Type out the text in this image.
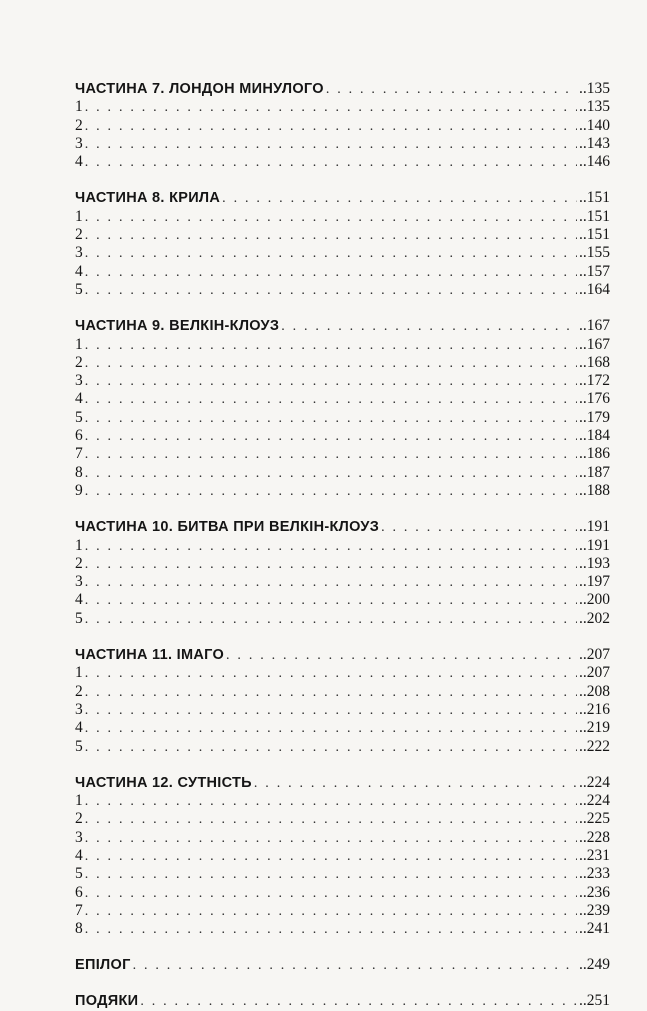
ЧАСТИНА 7. ЛОНДОН МИНУЛОГО . . .	..135
1 . . .	..135
2 . . .	..140
3 . . .	..143
4 . . .	..146
ЧАСТИНА 8. КРИЛА . . .	..151
1 . . .	..151
2 . . .	..151
3 . . .	..155
4 . . .	..157
5 . . .	..164
ЧАСТИНА 9. ВЕЛКІН-КЛОУЗ . . .	..167
1 . . .	..167
2 . . .	..168
3 . . .	..172
4 . . .	..176
5 . . .	..179
6 . . .	..184
7 . . .	..186
8 . . .	..187
9 . . .	..188
ЧАСТИНА 10. БИТВА ПРИ ВЕЛКІН-КЛОУЗ . . .	..191
1 . . .	..191
2 . . .	..193
3 . . .	..197
4 . . .	..200
5 . . .	..202
ЧАСТИНА 11. ІМАГО . . .	..207
1 . . .	..207
2 . . .	..208
3 . . .	..216
4 . . .	..219
5 . . .	..222
ЧАСТИНА 12. СУТНІСТЬ . . .	..224
1 . . .	..224
2 . . .	..225
3 . . .	..228
4 . . .	..231
5 . . .	..233
6 . . .	..236
7 . . .	..239
8 . . .	..241
ЕПІЛОГ . . .	..249
ПОДЯКИ . . .	..251
